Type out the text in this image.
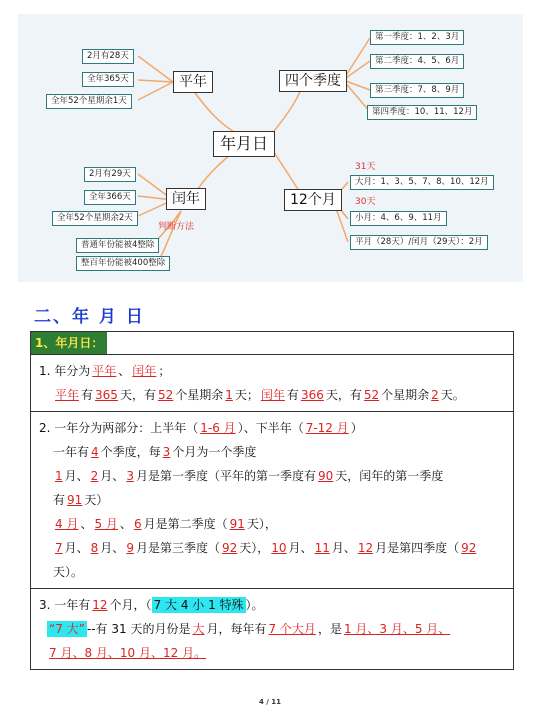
年月日
平年
2月有28天
全年365天
全年52个星期余1天
闰年
2月有29天
全年366天
全年52个星期余2天
判断方法
普通年份能被4整除
整百年份能被400整除
四个季度
第一季度：1、2、3月
第二季度：4、5、6月
第三季度：7、8、9月
第四季度：10、11、12月
12个月
31天
大月：1、3、5、7、8、10、12月
30天
小月：4、6、9、11月
平月（28天）/闰月（29天）：2月
二、年 月 日
1、年月日：
1. 年分为 平年 、 闰年 ；
平年 有 365 天，有 52 个星期余 1 天； 闰年 有 366 天，有 52 个星期余 2 天。
2. 一年分为两部分：上半年（ 1-6 月 ）、下半年（ 7-12 月 ）
一年有 4 个季度，每 3 个月为一个季度
1 月、 2 月、 3 月是第一季度（平年的第一季度有 90 天，闰年的第一季度
有 91 天）
4 月 、 5 月 、 6 月是第二季度（ 91 天），
7 月、 8 月、 9 月是第三季度（ 92 天）， 10 月、 11 月、 12 月是第四季度（ 92
天）。
3. 一年有 12 个月，（ 7 大 4 小 1 特殊 ）。
“7 大” --有 31 天的月份是 大 月，每年有 7 个大月 ，是 1 月、3 月、5 月、
7 月、8 月、10 月、12 月。
4 / 11
